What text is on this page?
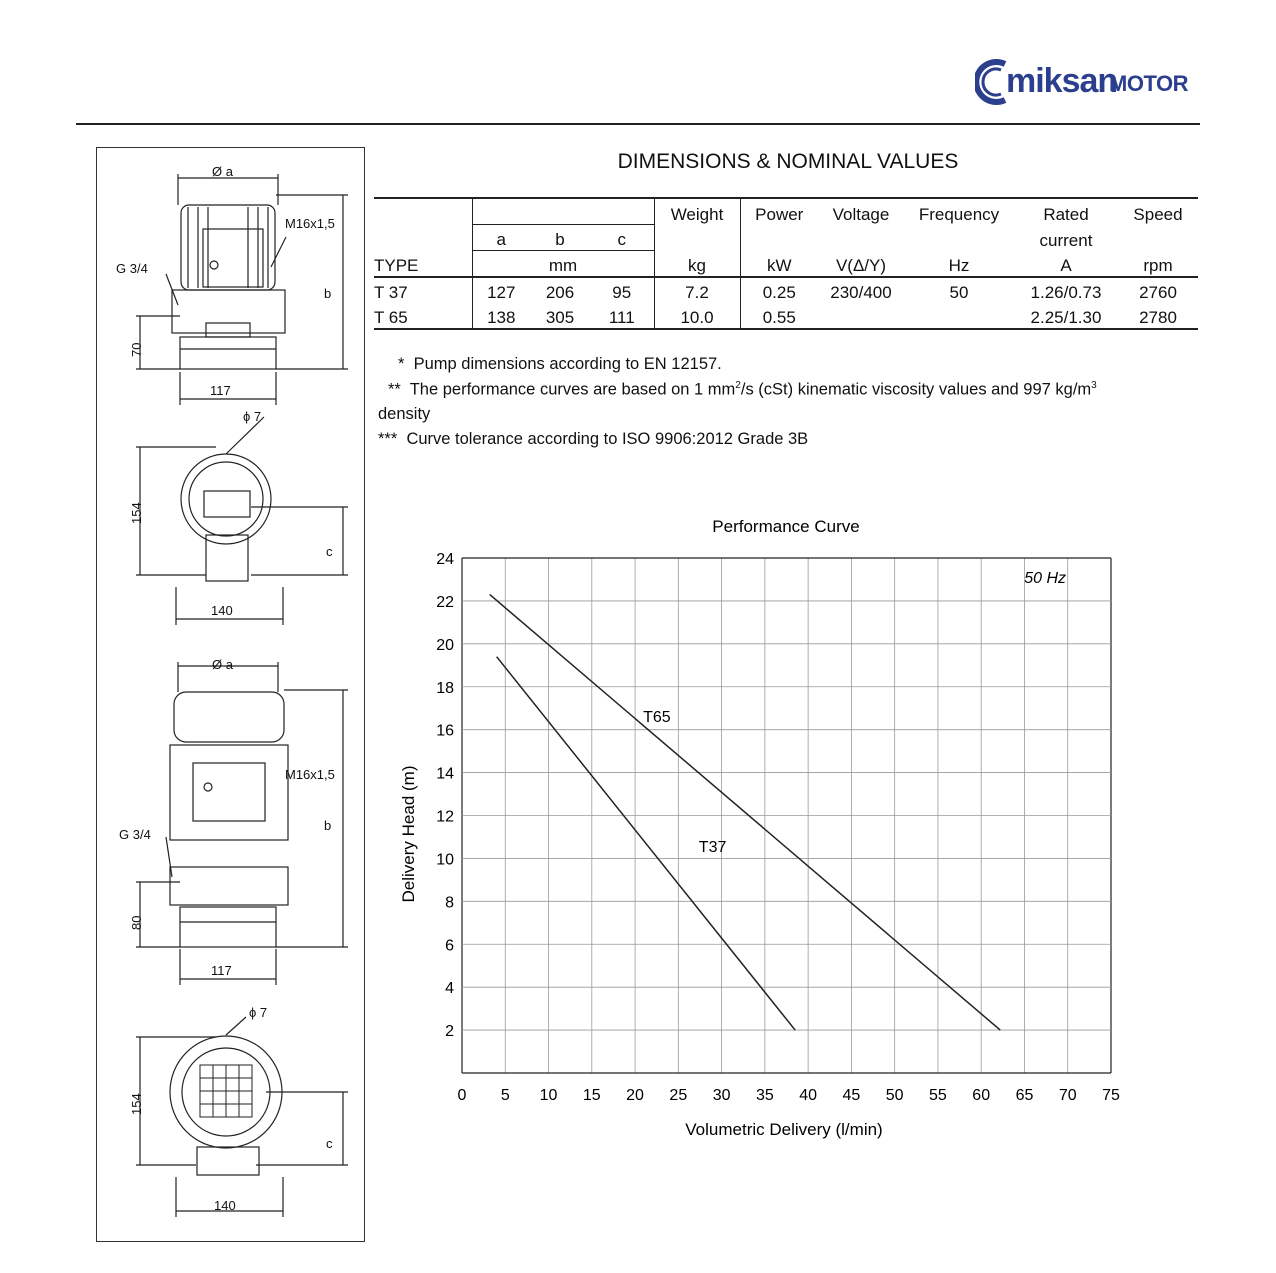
miksan
MOTOR
Ø a
M16x1,5
G 3/4
b
70
117
ϕ 7
154
c
140
Ø a
M16x1,5
G 3/4
b
80
117
ϕ 7
154
c
140
DIMENSIONS & NOMINAL VALUES
				Weight	Power	Voltage	Frequency	Rated	Speed
	a	b	c					current	
TYPE	mm			kg	kW	V(Δ/Y)	Hz	A	rpm
T 37	127	206	95	7.2	0.25	230/400	50	1.26/0.73	2760
T 65	138	305	111	10.0	0.55			2.25/1.30	2780
* Pump dimensions according to EN 12157.
** The performance curves are based on 1 $mm^2/s$ (cSt) kinematic viscosity values and 997 $kg/m^3$
density
*** Curve tolerance according to ISO 9906:2012 Grade 3B
Performance Curve
0 5 10 15 20 25 30 35 40 45 50 55 60 65 70 75
2
4
6
8
10
12
14
16
18
20
22
24
T65
T37
50 Hz
Volumetric Delivery (l/min)
Delivery Head (m)
